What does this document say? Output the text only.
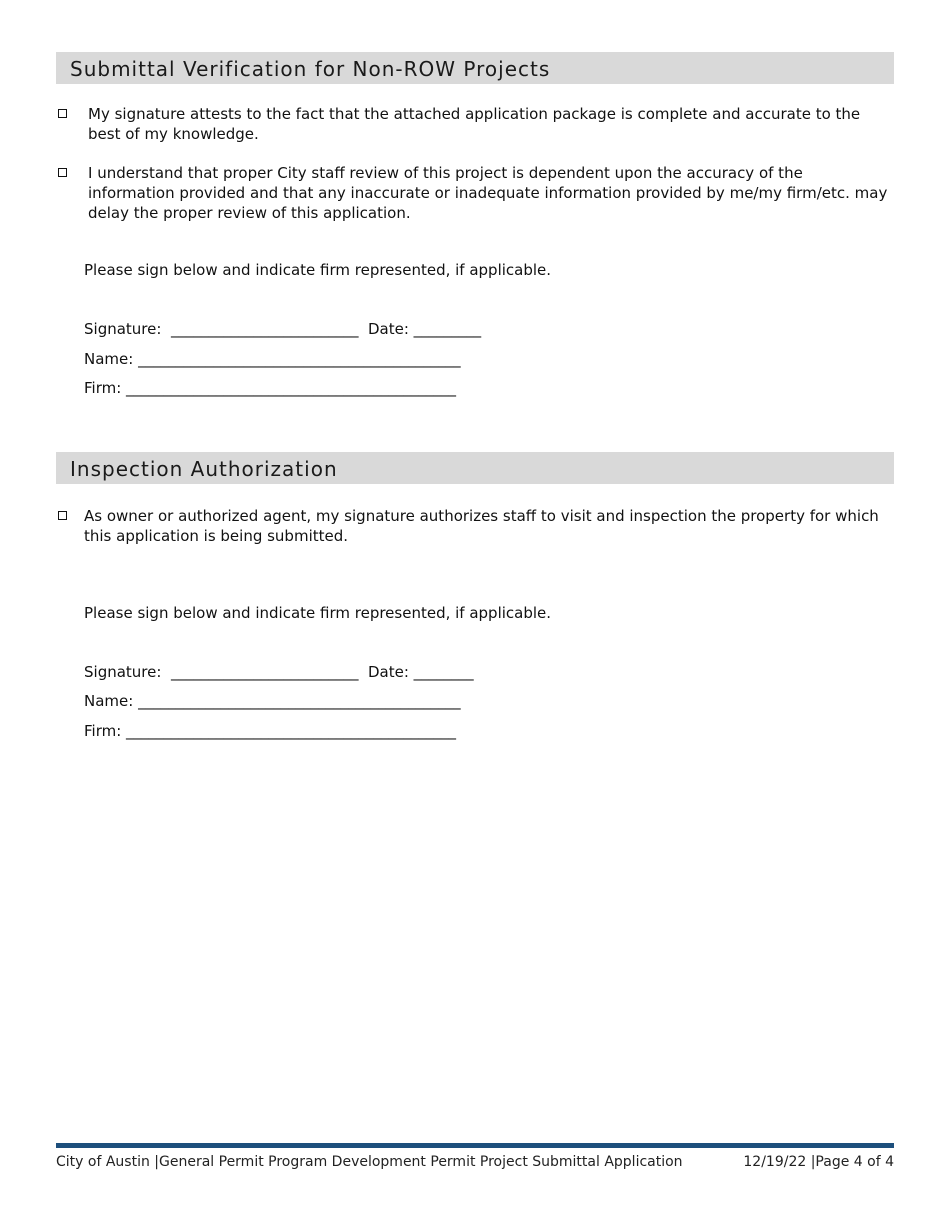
Submittal Verification for Non-ROW Projects
My signature attests to the fact that the attached application package is complete and accurate to the best of my knowledge.
I understand that proper City staff review of this project is dependent upon the accuracy of the information provided and that any inaccurate or inadequate information provided by me/my firm/etc. may delay the proper review of this application.
Please sign below and indicate firm represented, if applicable.
Signature:  _________________________  Date: _________
Name: ___________________________________________
Firm: ____________________________________________
Inspection Authorization
As owner or authorized agent, my signature authorizes staff to visit and inspection the property for which this application is being submitted.
Please sign below and indicate firm represented, if applicable.
Signature:  _________________________  Date: ________
Name: ___________________________________________
Firm: ____________________________________________
City of Austin |General Permit Program Development Permit Project Submittal Application	12/19/22 |Page 4 of 4
